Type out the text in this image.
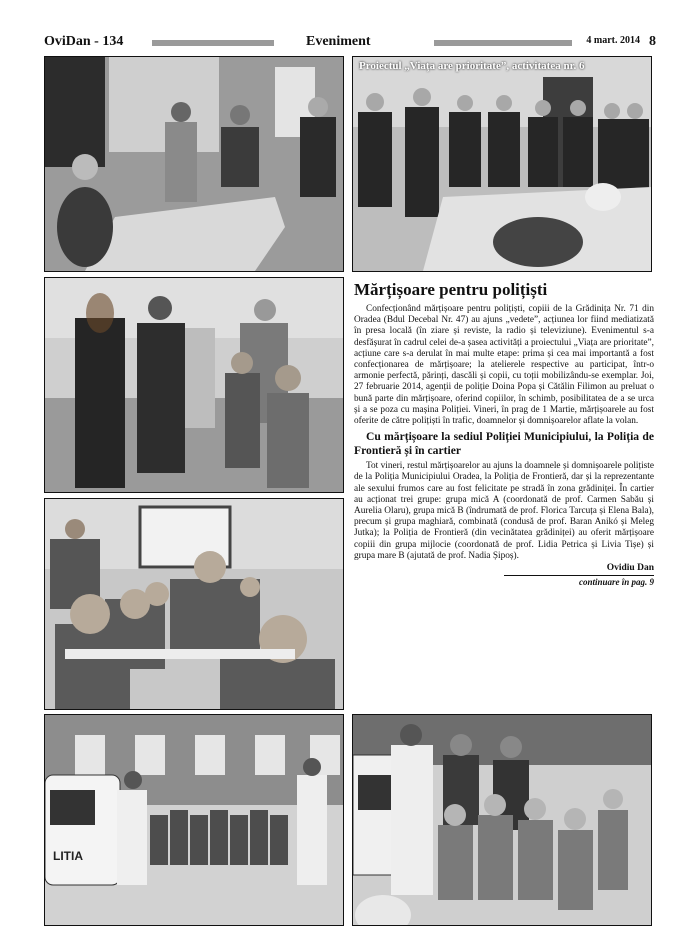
OviDan - 134	Eveniment	4 mart. 2014 8
Proiectul „Viața are prioritate”, activitatea nr. 6
Mărțișoare pentru polițiști

Confecționând mărțișoare pentru polițiști, copiii de la Grădinița Nr. 71 din Oradea (Bdul Decebal Nr. 47) au ajuns „vedete”, acțiunea lor fiind mediatizată în presa locală (în ziare și reviste, la radio și televiziune). Evenimentul s-a desfășurat în cadrul celei de-a șasea activități a proiectului „Viața are prioritate”, acțiune care s-a derulat în mai multe etape: prima și cea mai importantă a fost confecționarea de mărțișoare; la atelierele respective au participat, într-o armonie perfectă, părinți, dascăli și copii, cu toții mobilizându-se exemplar. Joi, 27 februarie 2014, agenții de poliție Doina Popa și Cătălin Filimon au preluat o bună parte din mărțișoare, oferind copiilor, în schimb, posibilitatea de a se urca și a se poza cu mașina Poliției. Vineri, în prag de 1 Martie, mărțișoarele au fost oferite de către polițiști în trafic, doamnelor și domnișoarelor aflate la volan.

Cu mărțișoare la sediul Poliției Municipiului, la Poliția de Frontieră și în cartier

Tot vineri, restul mărțișoarelor au ajuns la doamnele și domnișoarele polițiste de la Poliția Municipiului Oradea, la Poliția de Frontieră, dar și la reprezentante ale sexului frumos care au fost felicitate pe stradă în zona grădiniței. În cartier au acționat trei grupe: grupa mică A (coordonată de prof. Carmen Sabău și Aurelia Olaru), grupa mică B (îndrumată de prof. Florica Tarcuța și Elena Bala), precum și grupa maghiară, combinată (condusă de prof. Baran Anikó și Meleg Jutka); la Poliția de Frontieră (din vecinătatea grădiniței) au oferit mărțișoare copiii din grupa mijlocie (coordonată de prof. Lidia Petrica și Livia Tișe) și grupa mare B (ajutată de prof. Nadia Șipoș).

Ovidiu Dan
continuare în pag. 9
LITIA
